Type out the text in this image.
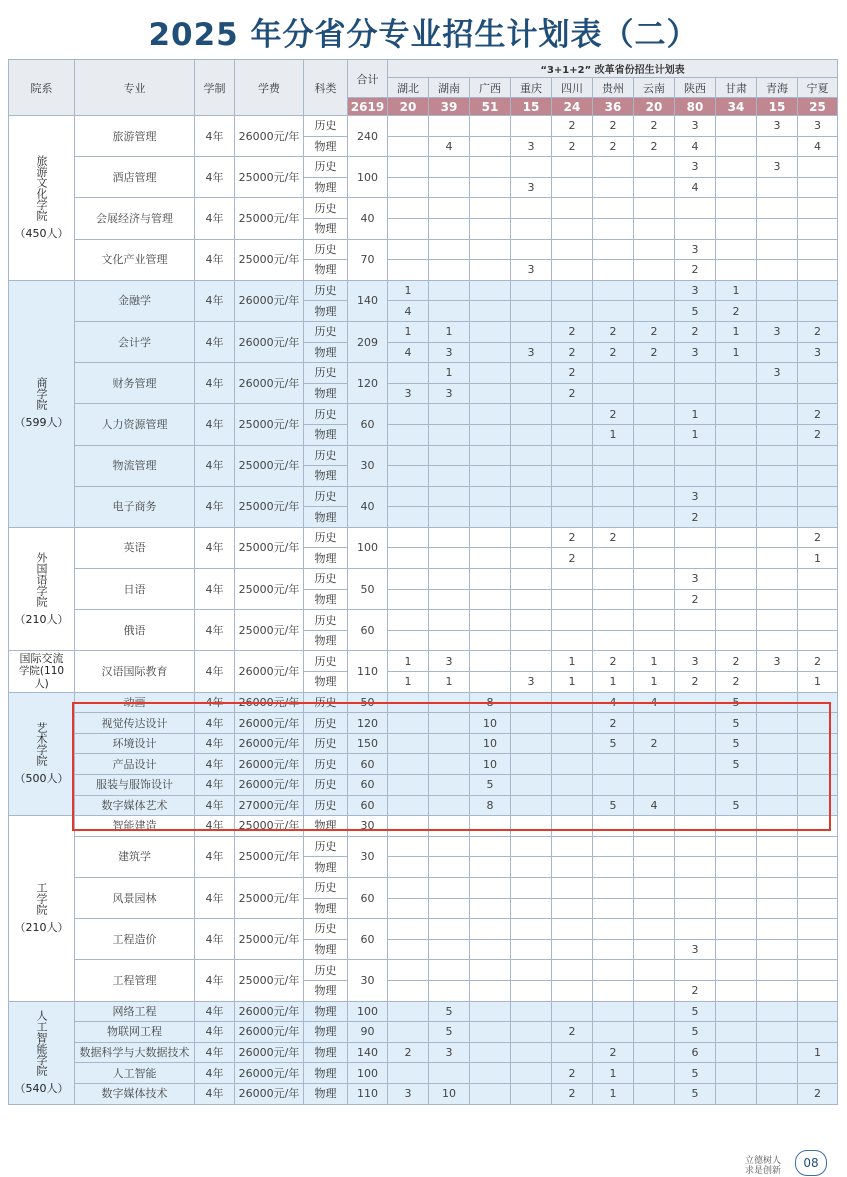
2025 年分省分专业招生计划表（二）
院系	专业	学制	学费	科类	合计	“3+1+2” 改革省份招生计划表										
						湖北	湖南	广西	重庆	四川	贵州	云南	陕西	甘肃	青海	宁夏
					2619	20	39	51	15	24	36	20	80	34	15	25

旅游文化学院
（450人）	旅游管理	4年	26000元/年	历史	240					2	2	2	3		3	3
				物理			4		3	2	2	2	4			4
	酒店管理	4年	25000元/年	历史	100								3		3	
				物理					3				4			
	会展经济与管理	4年	25000元/年	历史	40											
				物理												
	文化产业管理	4年	25000元/年	历史	70								3			
				物理					3				2			

商学院
（599人）	金融学	4年	26000元/年	历史	140	1							3	1		
				物理		4							5	2		
	会计学	4年	26000元/年	历史	209	1	1			2	2	2	2	1	3	2
				物理		4	3		3	2	2	2	3	1		3
	财务管理	4年	26000元/年	历史	120		1			2					3	
				物理		3	3			2						
	人力资源管理	4年	25000元/年	历史	60						2		1			2
				物理							1		1			2
	物流管理	4年	25000元/年	历史	30											
				物理												
	电子商务	4年	25000元/年	历史	40								3			
				物理									2			

外国语学院
（210人）	英语	4年	25000元/年	历史	100					2	2					2
				物理						2						1
	日语	4年	25000元/年	历史	50								3			
				物理									2			
	俄语	4年	25000元/年	历史	60											
				物理												

国际交流
学院(110
人)	汉语国际教育	4年	26000元/年	历史	110	1	3			1	2	1	3	2	3	2
				物理		1	1		3	1	1	1	2	2		1

艺术学院
（500人）	动画	4年	26000元/年	历史	50			8			4	4		5		
	视觉传达设计	4年	26000元/年	历史	120			10			2			5		
	环境设计	4年	26000元/年	历史	150			10			5	2		5		
	产品设计	4年	26000元/年	历史	60			10						5		
	服装与服饰设计	4年	26000元/年	历史	60			5								
	数字媒体艺术	4年	27000元/年	历史	60			8			5	4		5		

工学院
（210人）	智能建造	4年	25000元/年	物理	30											
	建筑学	4年	25000元/年	历史	30											
				物理												
	风景园林	4年	25000元/年	历史	60											
				物理												
	工程造价	4年	25000元/年	历史	60											
				物理									3			
	工程管理	4年	25000元/年	历史	30											
				物理									2			

人工智能学院
（540人）	网络工程	4年	26000元/年	物理	100		5						5			
	物联网工程	4年	26000元/年	物理	90		5			2			5			
	数据科学与大数据技术	4年	26000元/年	物理	140	2	3				2		6			1
	人工智能	4年	26000元/年	物理	100					2	1		5			
	数字媒体技术	4年	26000元/年	物理	110	3	10			2	1		5			2
立德树人
求是创新
08
